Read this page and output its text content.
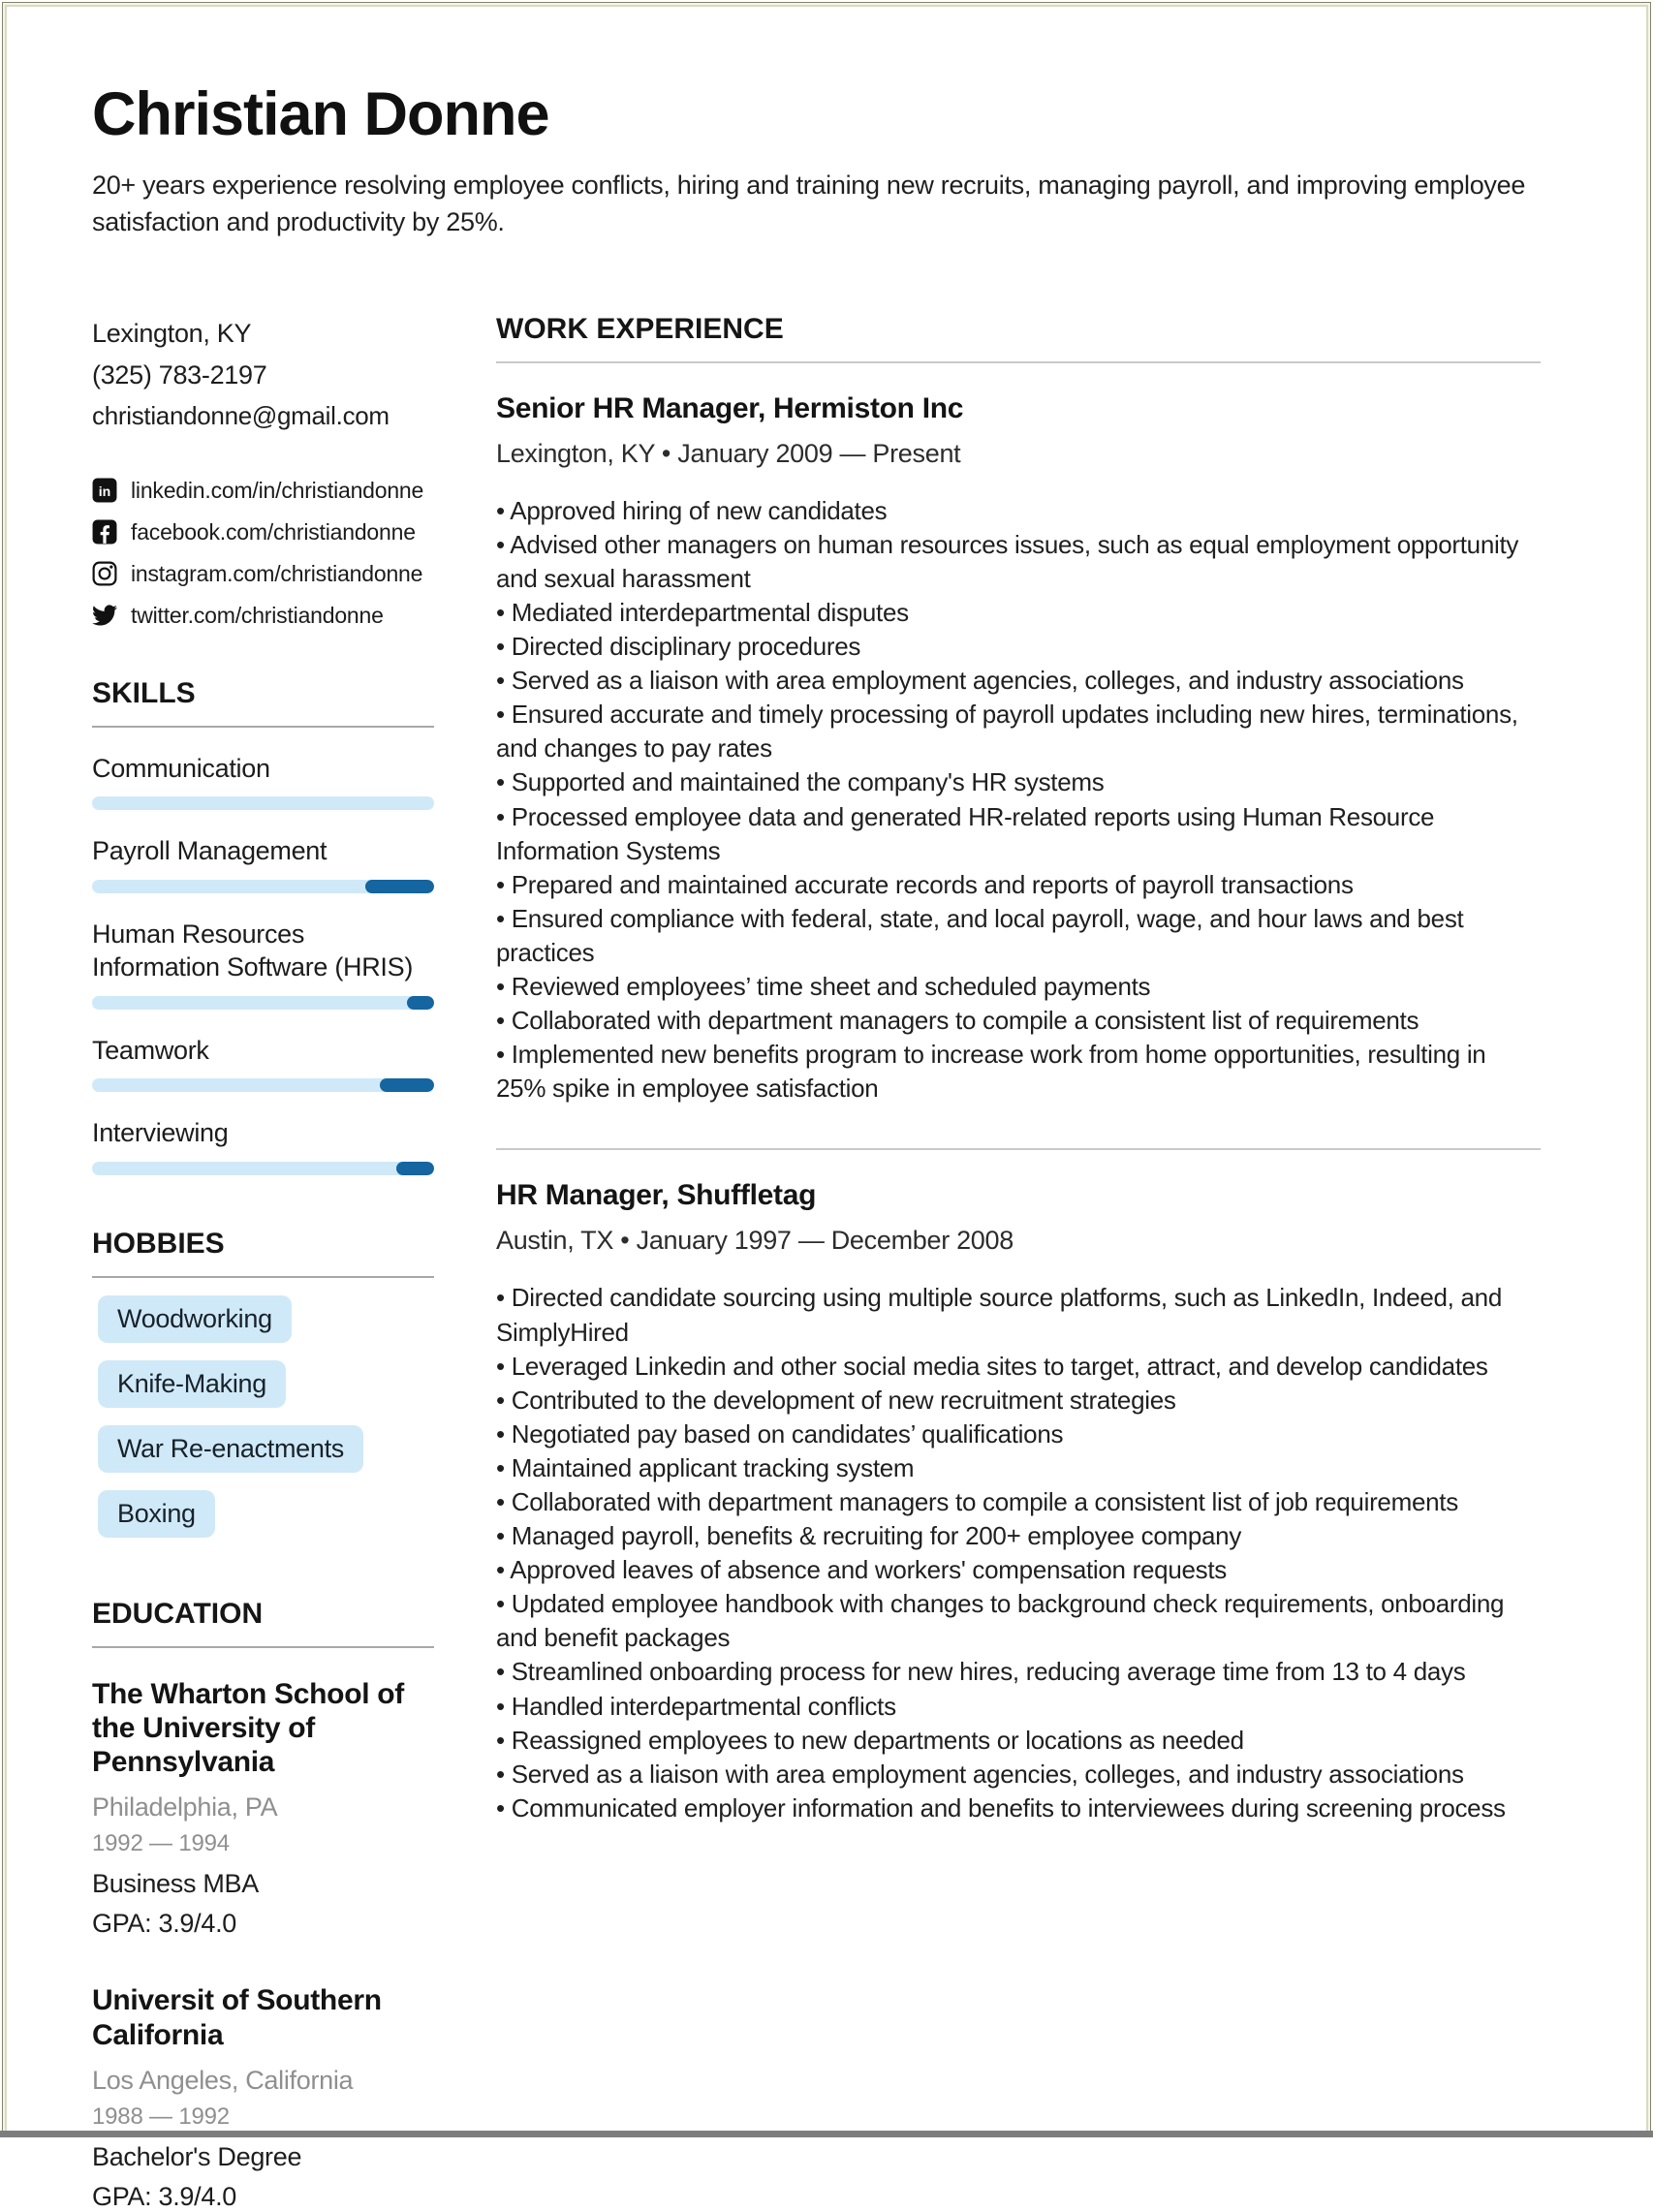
Christian Donne

20+ years experience resolving employee conflicts, hiring and training new recruits, managing payroll, and improving employee satisfaction and productivity by 25%.

Lexington, KY
(325) 783-2197
christiandonne@gmail.com
in linkedin.com/in/christiandonne
facebook.com/christiandonne
instagram.com/christiandonne
twitter.com/christiandonne
SKILLS
Communication
Payroll Management
Human Resources Information Software (HRIS)
Teamwork
Interviewing
HOBBIES
Woodworking
Knife-Making
War Re-enactments
Boxing
EDUCATION
The Wharton School of the University of Pennsylvania
Philadelphia, PA
1992 — 1994
Business MBA
GPA: 3.9/4.0
Universit of Southern California
Los Angeles, California
1988 — 1992
Bachelor's Degree
GPA: 3.9/4.0
WORK EXPERIENCE
Senior HR Manager, Hermiston Inc
Lexington, KY • January 2009 — Present
• Approved hiring of new candidates
• Advised other managers on human resources issues, such as equal employment opportunity and sexual harassment
• Mediated interdepartmental disputes
• Directed disciplinary procedures
• Served as a liaison with area employment agencies, colleges, and industry associations
• Ensured accurate and timely processing of payroll updates including new hires, terminations, and changes to pay rates
• Supported and maintained the company's HR systems
• Processed employee data and generated HR-related reports using Human Resource Information Systems
• Prepared and maintained accurate records and reports of payroll transactions
• Ensured compliance with federal, state, and local payroll, wage, and hour laws and best practices
• Reviewed employees’ time sheet and scheduled payments
• Collaborated with department managers to compile a consistent list of requirements
• Implemented new benefits program to increase work from home opportunities, resulting in 25% spike in employee satisfaction
HR Manager, Shuffletag
Austin, TX • January 1997 — December 2008
• Directed candidate sourcing using multiple source platforms, such as LinkedIn, Indeed, and SimplyHired
• Leveraged Linkedin and other social media sites to target, attract, and develop candidates
• Contributed to the development of new recruitment strategies
• Negotiated pay based on candidates’ qualifications
• Maintained applicant tracking system
• Collaborated with department managers to compile a consistent list of job requirements
• Managed payroll, benefits & recruiting for 200+ employee company
• Approved leaves of absence and workers' compensation requests
• Updated employee handbook with changes to background check requirements, onboarding and benefit packages
• Streamlined onboarding process for new hires, reducing average time from 13 to 4 days
• Handled interdepartmental conflicts
• Reassigned employees to new departments or locations as needed
• Served as a liaison with area employment agencies, colleges, and industry associations
• Communicated employer information and benefits to interviewees during screening process
